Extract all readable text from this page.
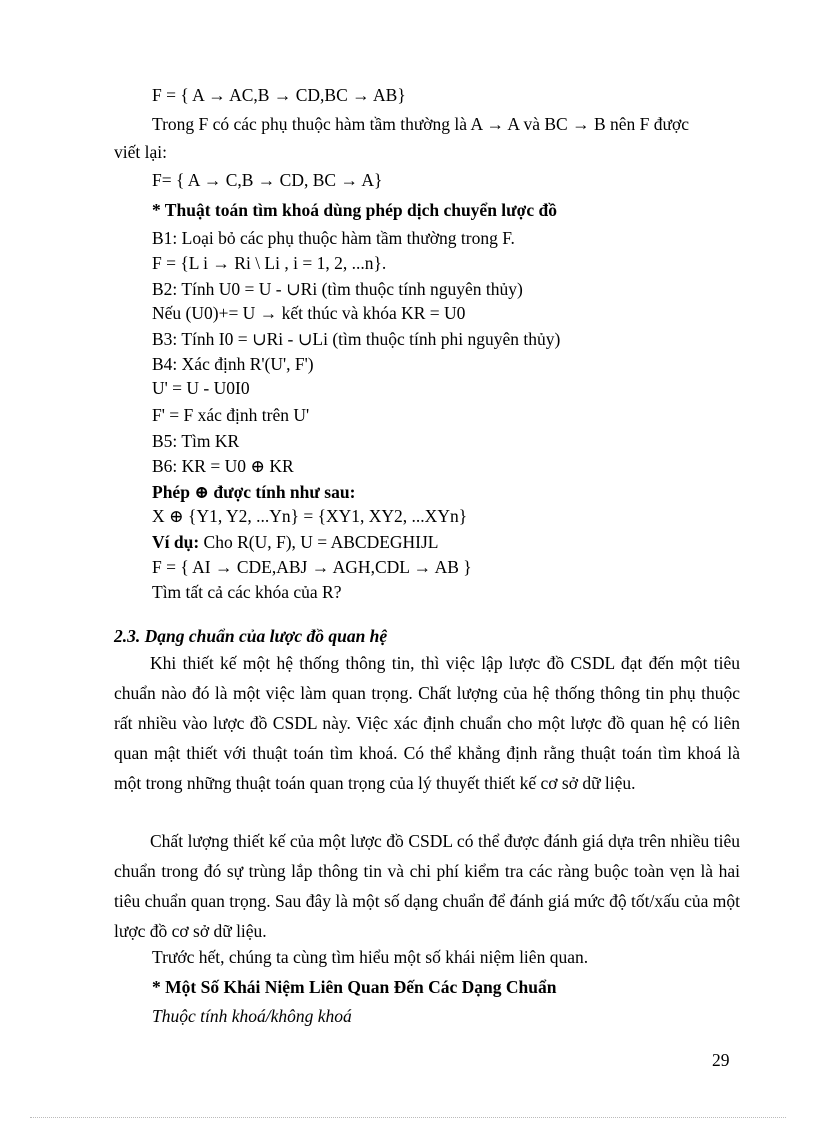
F = { A → AC,B → CD,BC → AB}
Trong F có các phụ thuộc hàm tầm thường là A → A và BC → B nên F được
viết lại:
F= { A → C,B → CD, BC → A}
* Thuật toán tìm khoá dùng phép dịch chuyển lược đồ
B1: Loại bỏ các phụ thuộc hàm tầm thường trong F.
F = {L i → Ri \ Li , i = 1, 2, ...n}.
B2: Tính U0 = U - ∪Ri (tìm thuộc tính nguyên thủy)
Nếu (U0)+= U → kết thúc và khóa KR = U0
B3: Tính I0 = ∪Ri - ∪Li (tìm thuộc tính phi nguyên thủy)
B4: Xác định R'(U', F')
U' = U - U0I0
F' = F xác định trên U'
B5: Tìm KR
B6: KR = U0 ⊕ KR
Phép ⊕ được tính như sau:
X ⊕ {Y1, Y2, ...Yn} = {XY1, XY2, ...XYn}
Ví dụ: Cho R(U, F), U = ABCDEGHIJL
F = { AI → CDE,ABJ → AGH,CDL → AB }
Tìm tất cả các khóa của R?
2.3. Dạng chuẩn của lược đồ quan hệ

Khi thiết kế một hệ thống thông tin, thì việc lập lược đồ CSDL đạt đến một tiêu chuẩn nào đó là một việc làm quan trọng. Chất lượng của hệ thống thông tin phụ thuộc rất nhiều vào lược đồ CSDL này. Việc xác định chuẩn cho một lược đồ quan hệ có liên quan mật thiết với thuật toán tìm khoá. Có thể khẳng định rằng thuật toán tìm khoá là một trong những thuật toán quan trọng của lý thuyết thiết kế cơ sở dữ liệu.

Chất lượng thiết kế của một lược đồ CSDL có thể được đánh giá dựa trên nhiều tiêu chuẩn trong đó sự trùng lắp thông tin và chi phí kiểm tra các ràng buộc toàn vẹn là hai tiêu chuẩn quan trọng. Sau đây là một số dạng chuẩn để đánh giá mức độ tốt/xấu của một lược đồ cơ sở dữ liệu.

Trước hết, chúng ta cùng tìm hiểu một số khái niệm liên quan.
* Một Số Khái Niệm Liên Quan Đến Các Dạng Chuẩn
Thuộc tính khoá/không khoá
29
